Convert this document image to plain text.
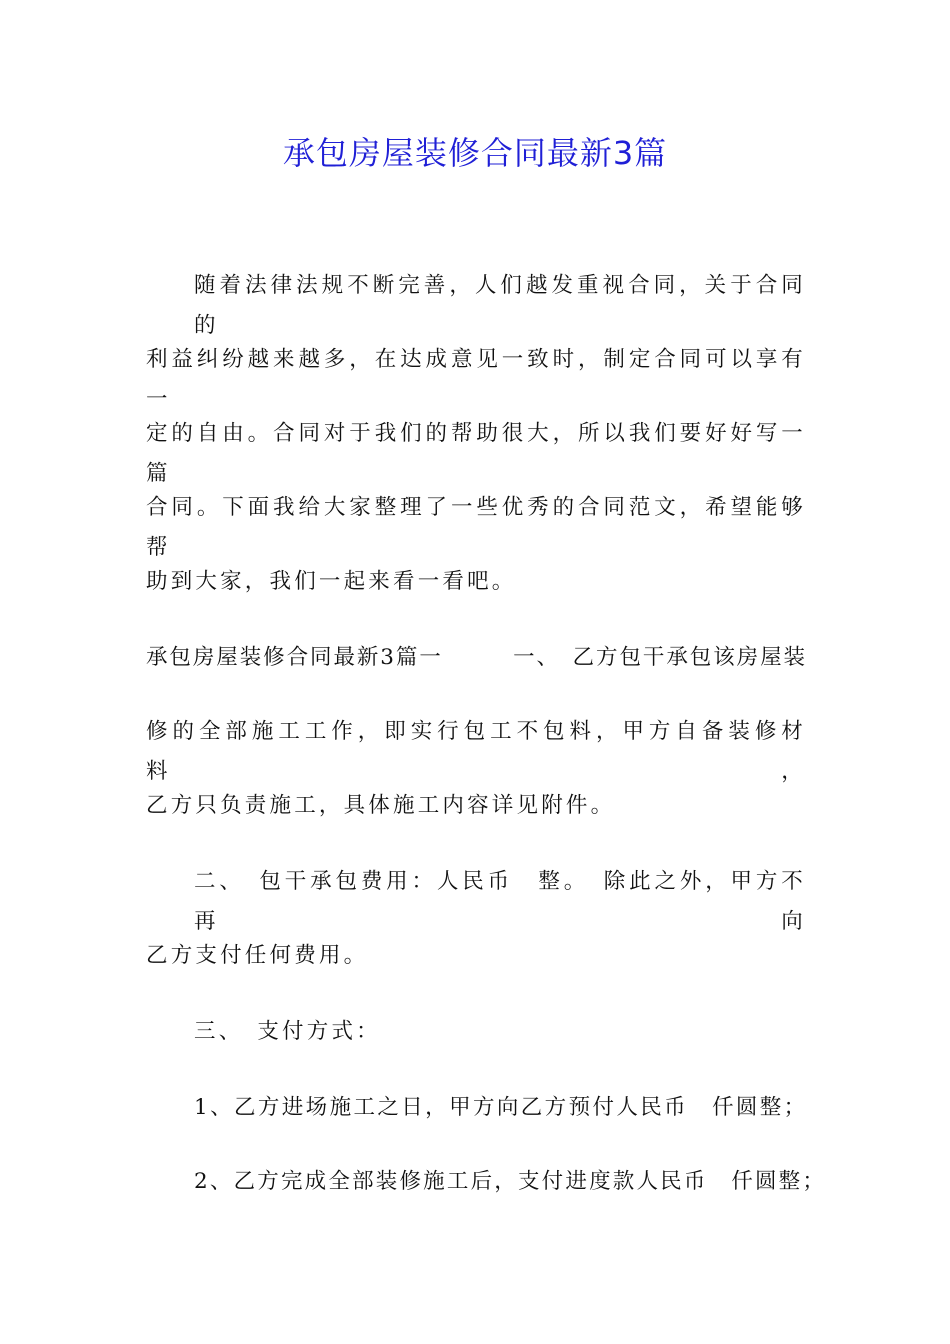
承包房屋装修合同最新3篇
随着法律法规不断完善，人们越发重视合同，关于合同的
利益纠纷越来越多，在达成意见一致时，制定合同可以享有一
定的自由。合同对于我们的帮助很大，所以我们要好好写一篇
合同。下面我给大家整理了一些优秀的合同范文，希望能够帮
助到大家，我们一起来看一看吧。
承包房屋装修合同最新3篇一　　　一、　乙方包干承包该房屋装
修的全部施工工作，即实行包工不包料，甲方自备装修材料，
乙方只负责施工，具体施工内容详见附件。
二、　包干承包费用：人民币　整。　除此之外，甲方不再向
乙方支付任何费用。
三、　支付方式：
1、乙方进场施工之日，甲方向乙方预付人民币　仟圆整；
2、乙方完成全部装修施工后，支付进度款人民币　仟圆整；
